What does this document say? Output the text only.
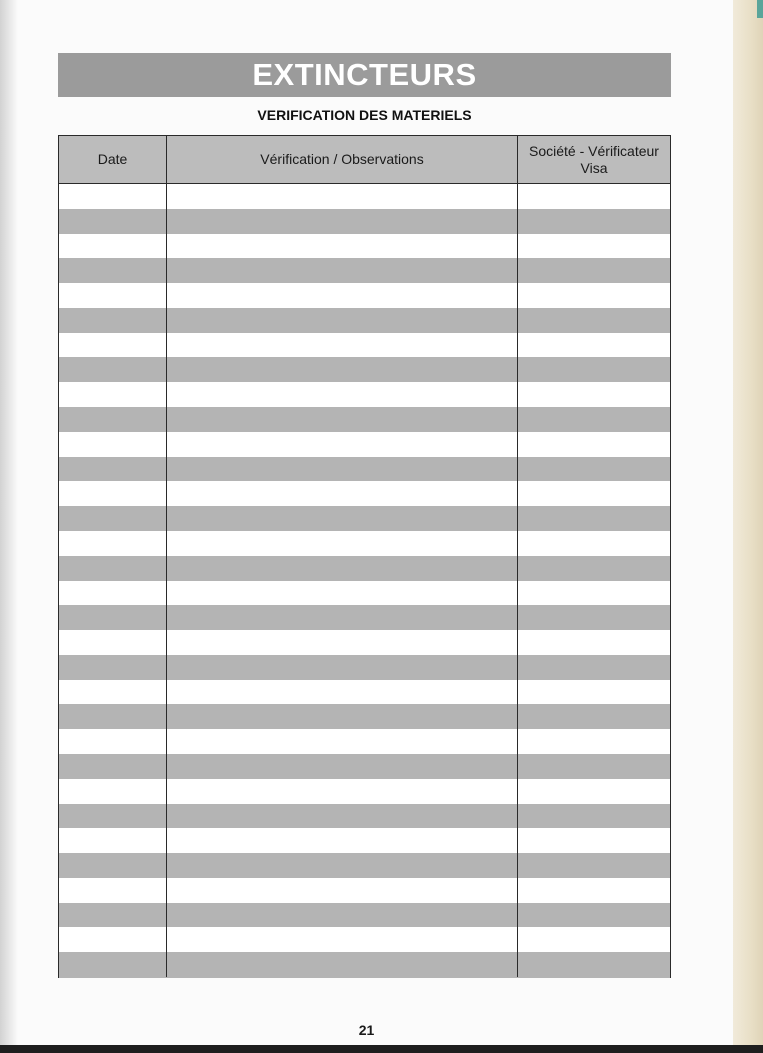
EXTINCTEURS
VERIFICATION DES MATERIELS
Date	Vérification / Observations
Société - Vérificateur
Visa
21
